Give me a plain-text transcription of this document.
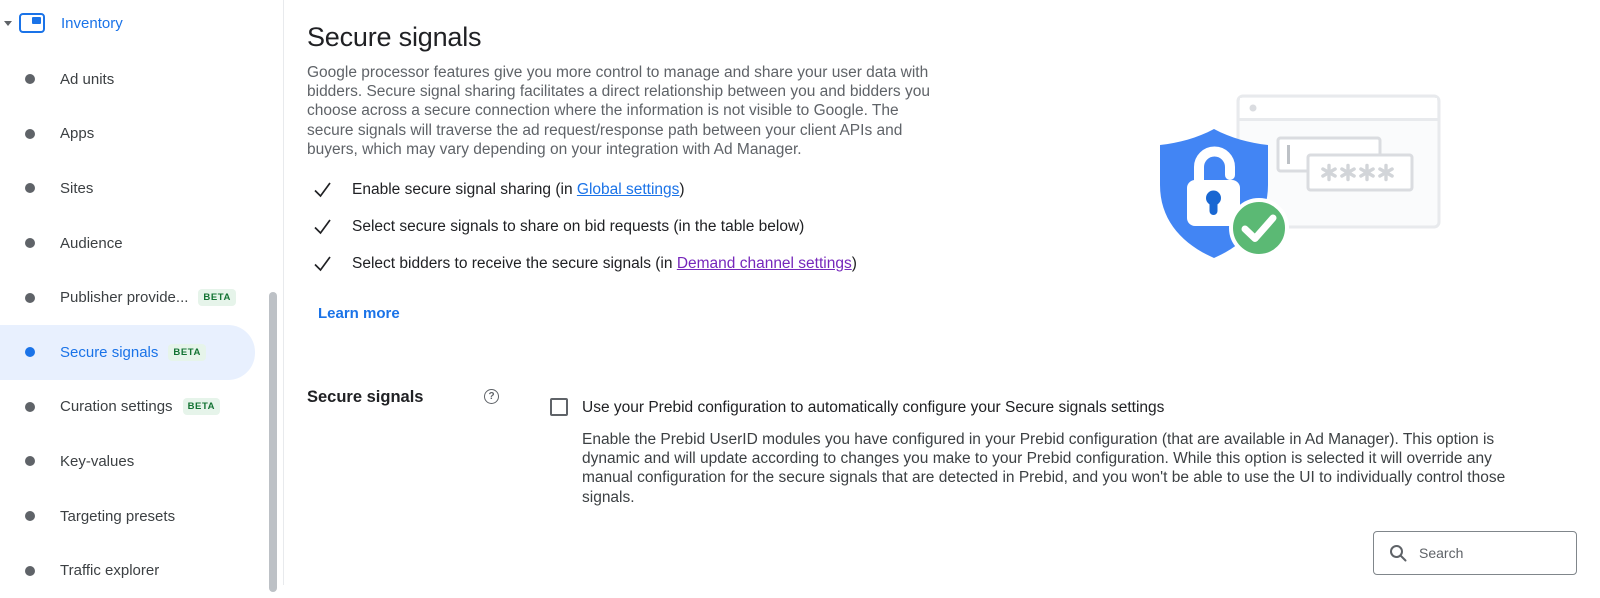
Inventory
Ad units
Apps
Sites
Audience
Publisher provide...	BETA
Secure signals	BETA
Curation settings	BETA
Key-values
Targeting presets
Traffic explorer
Secure signals

Google processor features give you more control to manage and share your user data with bidders. Secure signal sharing facilitates a direct relationship between you and bidders you choose across a secure connection where the information is not visible to Google. The secure signals will traverse the ad request/response path between your client APIs and buyers, which may vary depending on your integration with Ad Manager.

Enable secure signal sharing (in Global settings)
Select secure signals to share on bid requests (in the table below)
Select bidders to receive the secure signals (in Demand channel settings)
Learn more
Secure signals	?
Use your Prebid configuration to automatically configure your Secure signals settings
Enable the Prebid UserID modules you have configured in your Prebid configuration (that are available in Ad Manager). This option is dynamic and will update according to changes you make to your Prebid configuration. While this option is selected it will override any manual configuration for the secure signals that are detected in Prebid, and you won't be able to use the UI to individually control those signals.
Search
